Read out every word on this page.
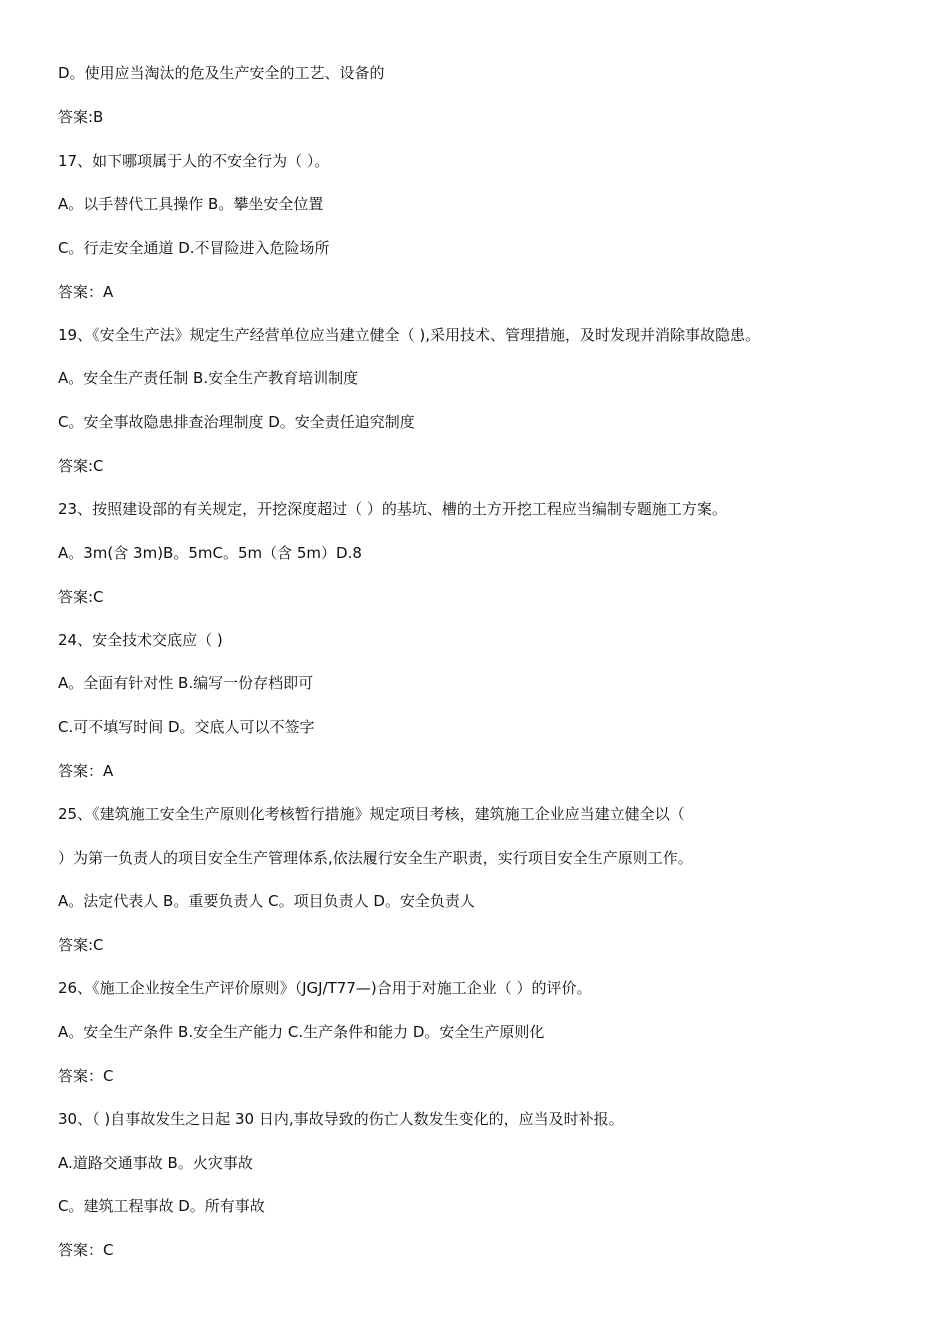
D。使用应当淘汰的危及生产安全的工艺、设备的
答案:B
17、如下哪项属于人的不安全行为（ ）。
A。以手替代工具操作 B。攀坐安全位置
C。行走安全通道 D.不冒险进入危险场所
答案：A
19、《安全生产法》规定生产经营单位应当建立健全（ ),采用技术、管理措施，及时发现并消除事故隐患。
A。安全生产责任制 B.安全生产教育培训制度
C。安全事故隐患排查治理制度 D。安全责任追究制度
答案:C
23、按照建设部的有关规定，开挖深度超过（ ）的基坑、槽的土方开挖工程应当编制专题施工方案。
A。3m(含 3m)B。5mC。5m（含 5m）D.8
答案:C
24、安全技术交底应（ )
A。全面有针对性 B.编写一份存档即可
C.可不填写时间 D。交底人可以不签字
答案：A
25、《建筑施工安全生产原则化考核暂行措施》规定项目考核，建筑施工企业应当建立健全以（
）为第一负责人的项目安全生产管理体系,依法履行安全生产职责，实行项目安全生产原则工作。
A。法定代表人 B。重要负责人 C。项目负责人 D。安全负责人
答案:C
26、《施工企业按全生产评价原则》（JGJ/T77—)合用于对施工企业（ ）的评价。
A。安全生产条件 B.安全生产能力 C.生产条件和能力 D。安全生产原则化
答案：C
30、（ )自事故发生之日起 30 日内,事故导致的伤亡人数发生变化的，应当及时补报。
A.道路交通事故 B。火灾事故
C。建筑工程事故 D。所有事故
答案：C
